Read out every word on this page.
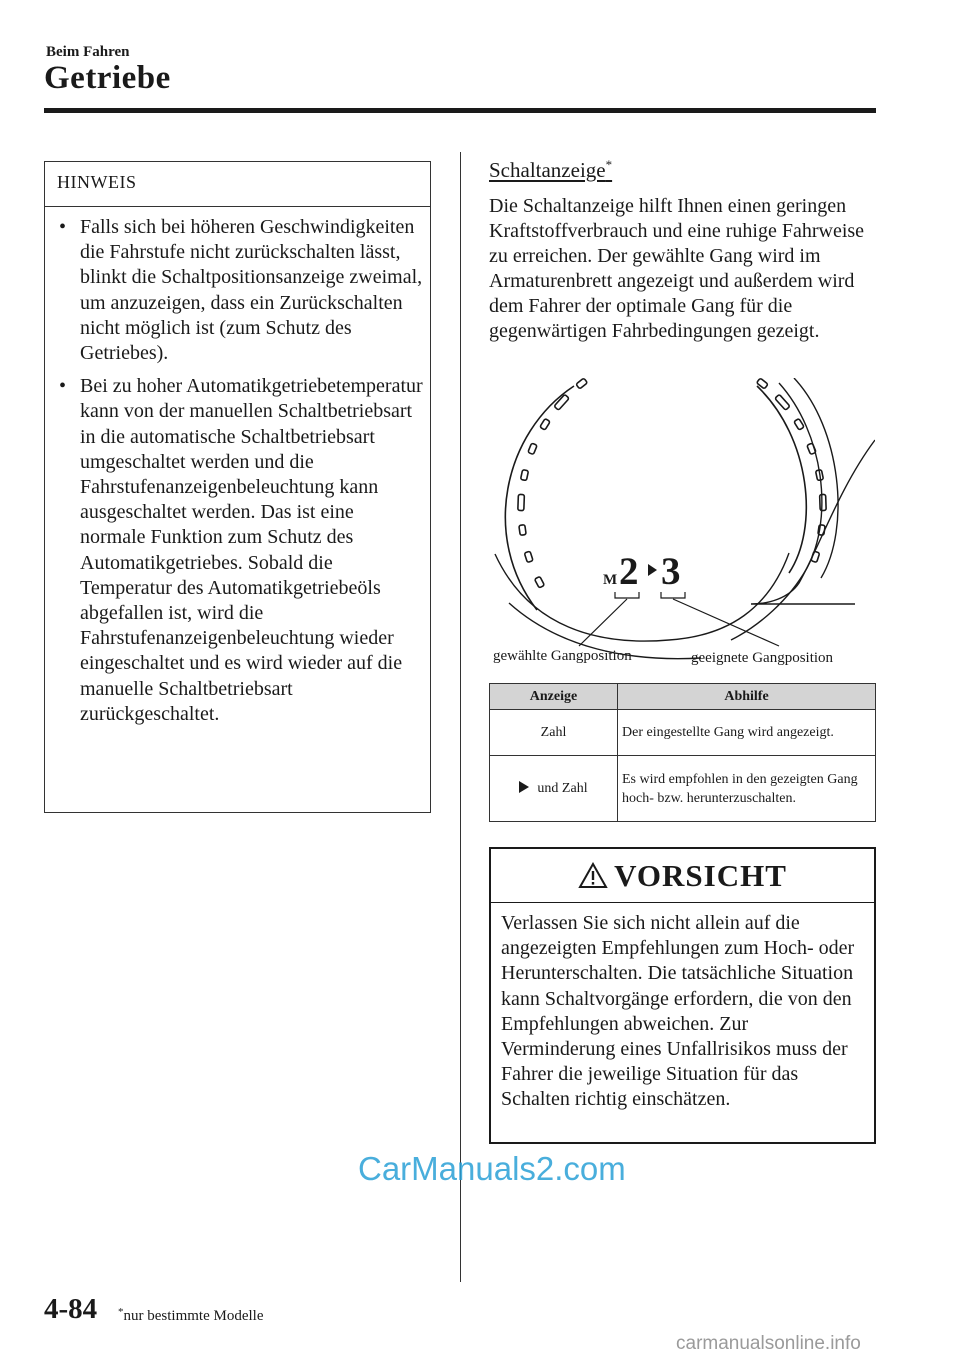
Beim Fahren
Getriebe
HINWEIS
• Falls sich bei höheren Geschwindigkeiten die Fahrstufe nicht zurückschalten lässt, blinkt die Schaltpositionsanzeige zweimal, um anzuzeigen, dass ein Zurückschalten nicht möglich ist (zum Schutz des Getriebes).
• Bei zu hoher Automatikgetriebetemperatur kann von der manuellen Schaltbetriebsart in die automatische Schaltbetriebsart umgeschaltet werden und die Fahrstufenanzeigenbeleuchtung kann ausgeschaltet werden. Das ist eine normale Funktion zum Schutz des Automatikgetriebes. Sobald die Temperatur des Automatikgetriebeöls abgefallen ist, wird die Fahrstufenanzeigenbeleuchtung wieder eingeschaltet und es wird wieder auf die manuelle Schaltbetriebsart zurückgeschaltet.
Schaltanzeige*
Die Schaltanzeige hilft Ihnen einen geringen Kraftstoffverbrauch und eine ruhige Fahrweise zu erreichen. Der gewählte Gang wird im Armaturenbrett angezeigt und außerdem wird dem Fahrer der optimale Gang für die gegenwärtigen Fahrbedingungen gezeigt.
M 2 3
gewählte Gangposition	geeignete Gangposition
Anzeige	Abhilfe
Zahl	Der eingestellte Gang wird angezeigt.
und Zahl	Es wird empfohlen in den gezeigten Gang hoch- bzw. herunterzuschalten.
VORSICHT
Verlassen Sie sich nicht allein auf die angezeigten Empfehlungen zum Hoch- oder Herunterschalten. Die tatsächliche Situation kann Schaltvorgänge erfordern, die von den Empfehlungen abweichen. Zur Verminderung eines Unfallrisikos muss der Fahrer die jeweilige Situation für das Schalten richtig einschätzen.
CarManuals2.com
4-84 *nur bestimmte Modelle
carmanualsonline.info
